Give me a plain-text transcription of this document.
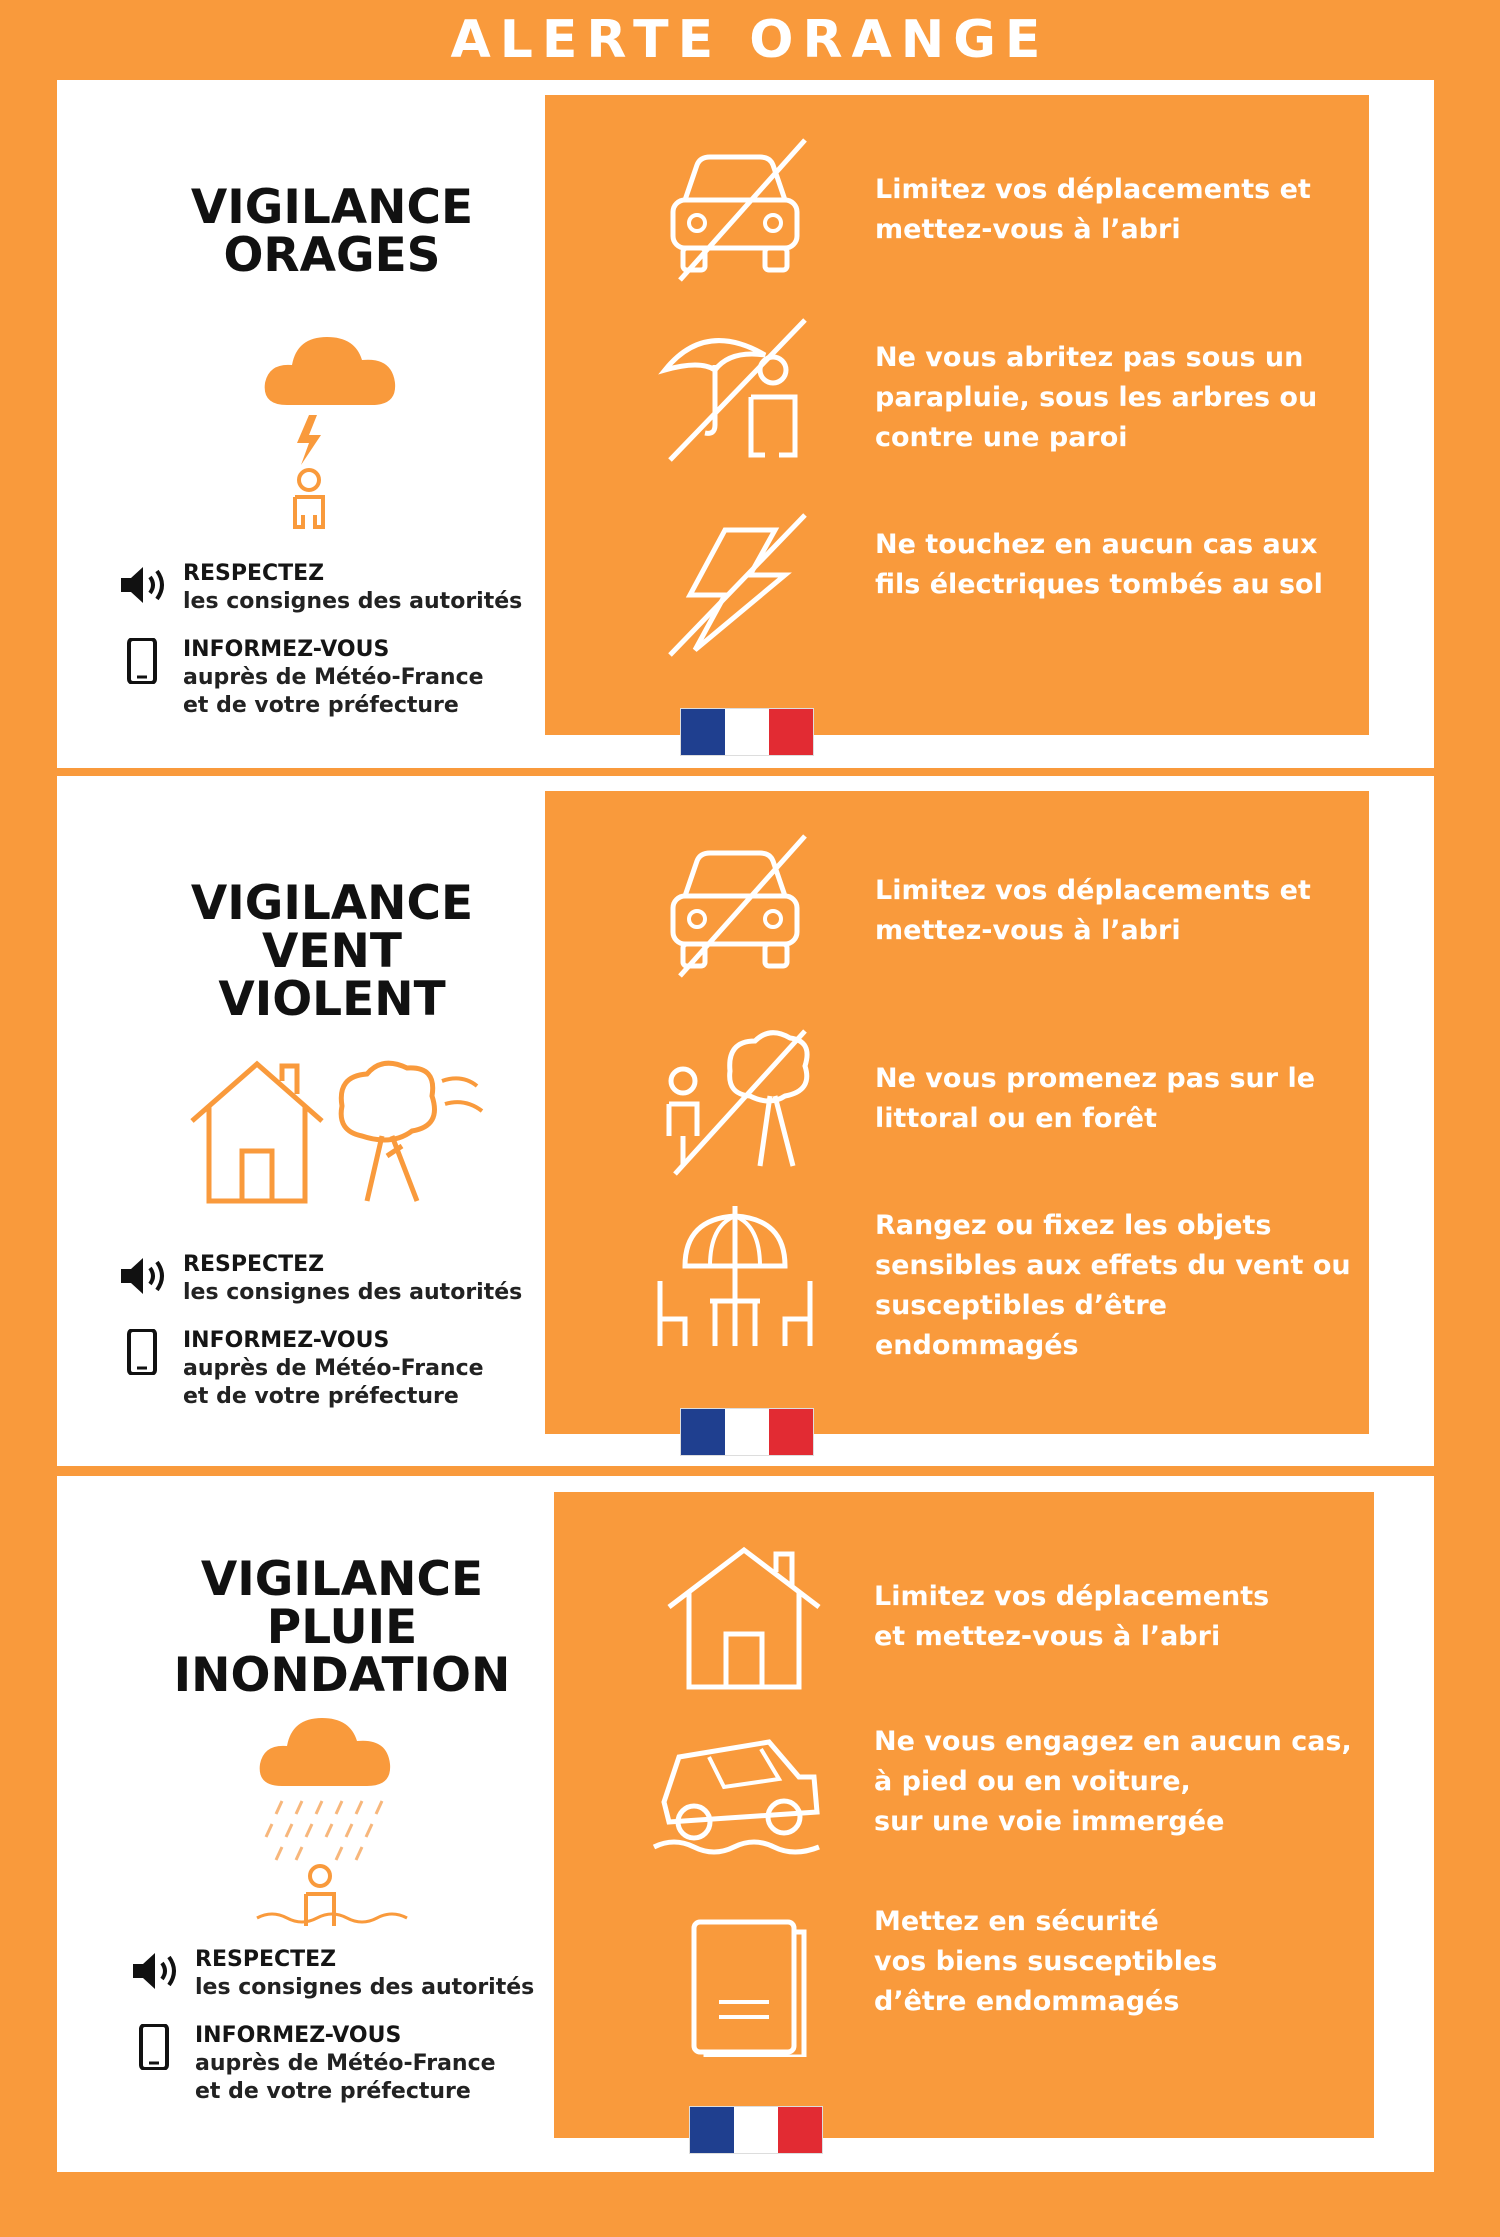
ALERTE ORANGE
VIGILANCE
ORAGES
RESPECTEZ
les consignes des autorités
INFORMEZ-VOUS
auprès de Météo-France
et de votre préfecture
Limitez vos déplacements et
mettez-vous à l’abri
Ne vous abritez pas sous un
parapluie, sous les arbres ou
contre une paroi
Ne touchez en aucun cas aux
fils électriques tombés au sol
VIGILANCE
VENT
VIOLENT
RESPECTEZ
les consignes des autorités
INFORMEZ-VOUS
auprès de Météo-France
et de votre préfecture
Limitez vos déplacements et
mettez-vous à l’abri
Ne vous promenez pas sur le
littoral ou en forêt
Rangez ou fixez les objets
sensibles aux effets du vent ou
susceptibles d’être endommagés
VIGILANCE
PLUIE
INONDATION
RESPECTEZ
les consignes des autorités
INFORMEZ-VOUS
auprès de Météo-France
et de votre préfecture
Limitez vos déplacements
et mettez-vous à l’abri
Ne vous engagez en aucun cas,
à pied ou en voiture,
sur une voie immergée
Mettez en sécurité
vos biens susceptibles
d’être endommagés
